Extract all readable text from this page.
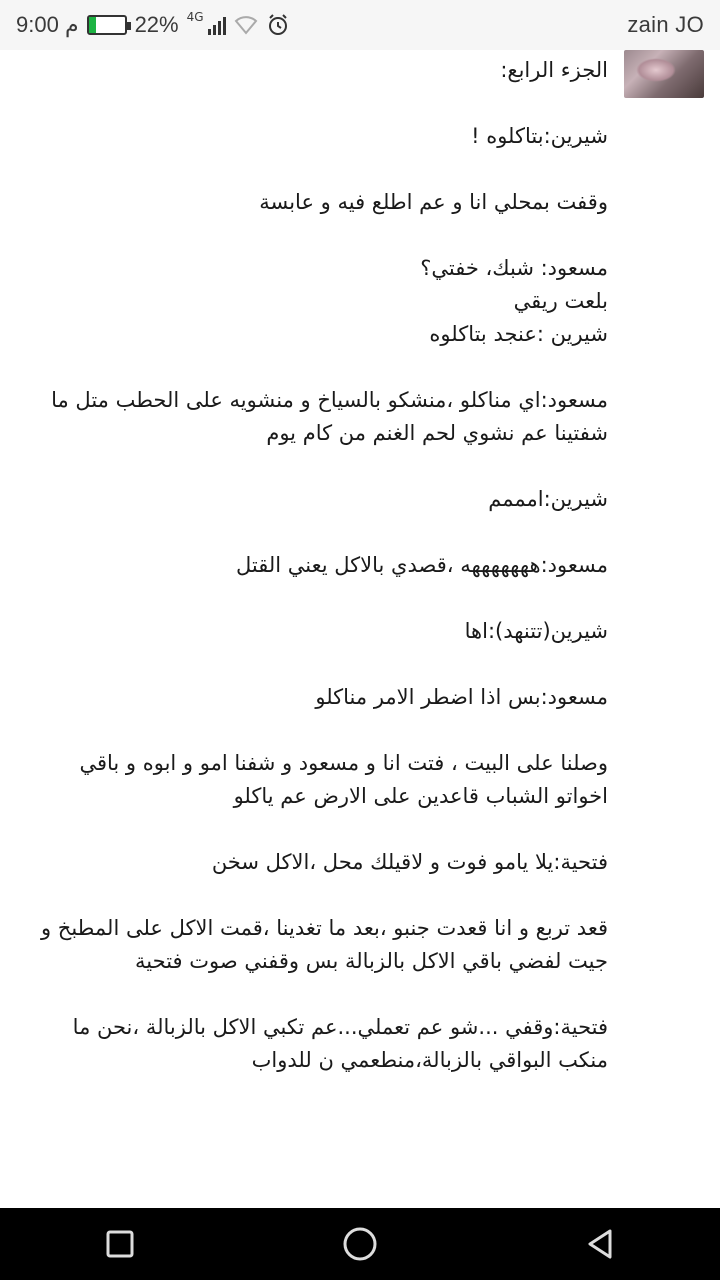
9:00 م	22% 4G	zain JO
الجزء الرابع:
شيرين:بتاكلوه !
وقفت بمحلي انا و عم اطلع فيه و عابسة
مسعود: شبك، خفتي؟
بلعت ريقي
شيرين :عنجد بتاكلوه
مسعود:اي مناكلو ،منشكو بالسياخ و منشويه على الحطب متل ما شفتينا عم نشوي لحم الغنم من كام يوم
شيرين:امممم
مسعود:هههههههه ،قصدي بالاكل يعني القتل
شيرين(تتنهد):اها
مسعود:بس اذا اضطر الامر مناكلو
وصلنا على البيت ، فتت انا و مسعود و شفنا امو و ابوه و باقي اخواتو الشباب قاعدين على الارض عم ياكلو
فتحية:يلا يامو فوت و لاقيلك محل ،الاكل سخن
قعد تربع و انا قعدت جنبو ،بعد ما تغدينا ،قمت الاكل على المطبخ و جيت لفضي باقي الاكل بالزبالة بس وقفني صوت فتحية
فتحية:وقفي ...شو عم تعملي...عم تكبي الاكل بالزبالة ،نحن ما منكب البواقي بالزبالة،منطعمي ن للدواب
